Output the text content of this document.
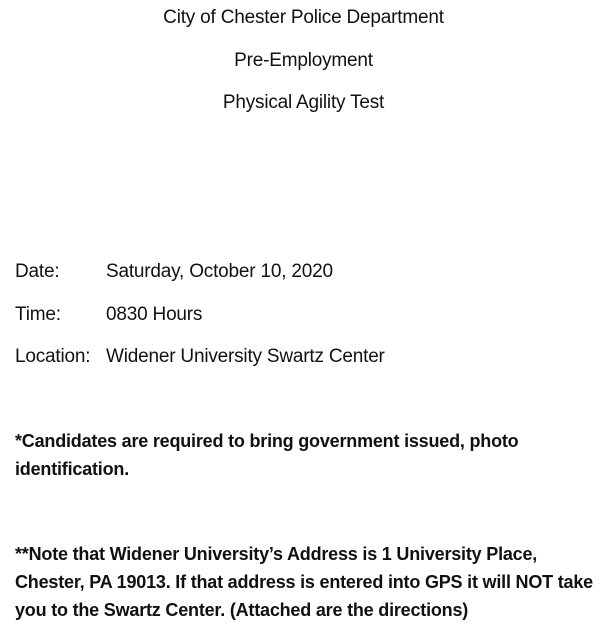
City of Chester Police Department
Pre-Employment
Physical Agility Test
Date: Saturday, October 10, 2020
Time: 0830 Hours
Location: Widener University Swartz Center
*Candidates are required to bring government issued, photo identification.
**Note that Widener University’s Address is 1 University Place, Chester, PA 19013. If that address is entered into GPS it will NOT take you to the Swartz Center. (Attached are the directions)
